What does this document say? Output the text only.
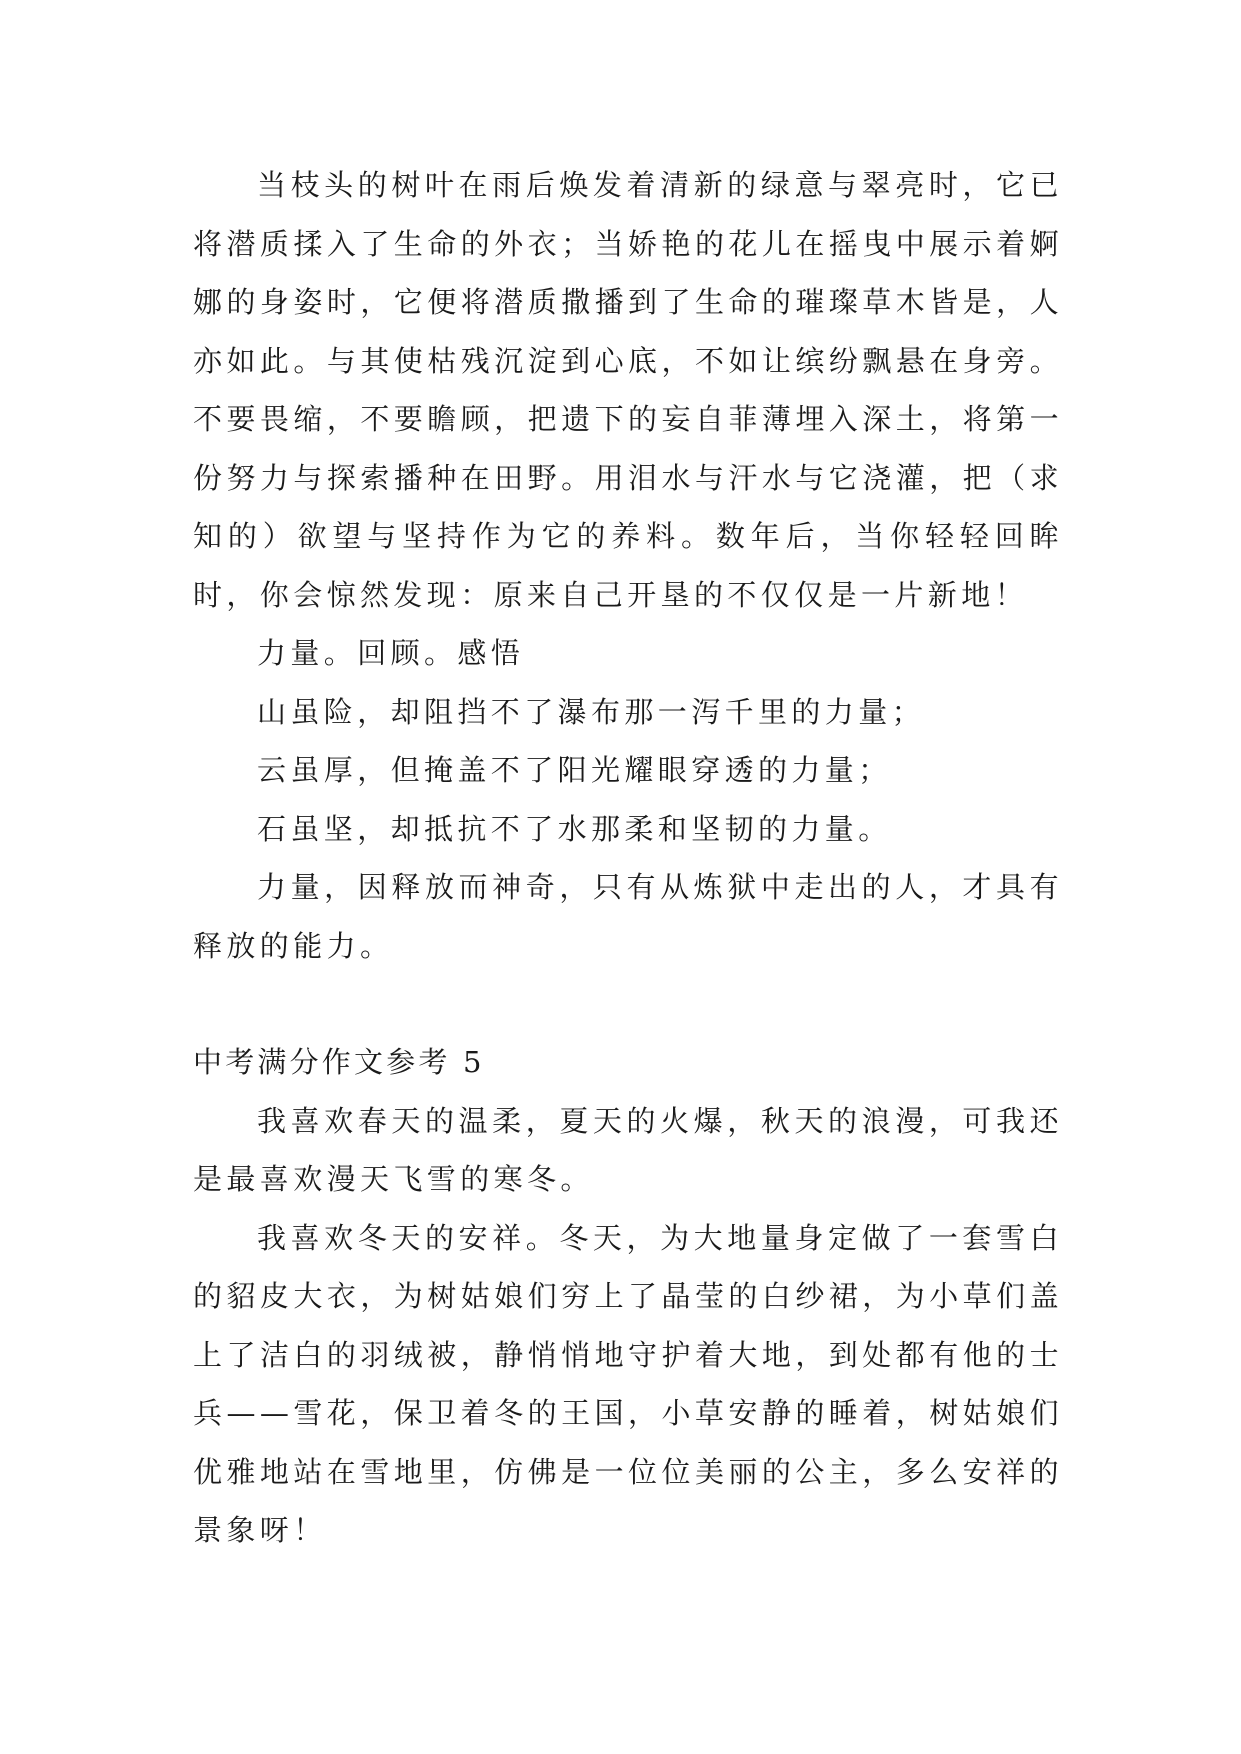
当枝头的树叶在雨后焕发着清新的绿意与翠亮时，它已将潜质揉入了生命的外衣；当娇艳的花儿在摇曳中展示着婀娜的身姿时，它便将潜质撒播到了生命的璀璨草木皆是，人亦如此。与其使枯残沉淀到心底，不如让缤纷飘悬在身旁。不要畏缩，不要瞻顾，把遗下的妄自菲薄埋入深土，将第一份努力与探索播种在田野。用泪水与汗水与它浇灌，把（求知的）欲望与坚持作为它的养料。数年后，当你轻轻回眸时，你会惊然发现：原来自己开垦的不仅仅是一片新地！

力量。回顾。感悟

山虽险，却阻挡不了瀑布那一泻千里的力量；

云虽厚，但掩盖不了阳光耀眼穿透的力量；

石虽坚，却抵抗不了水那柔和坚韧的力量。

力量，因释放而神奇，只有从炼狱中走出的人，才具有释放的能力。

中考满分作文参考 5

我喜欢春天的温柔，夏天的火爆，秋天的浪漫，可我还是最喜欢漫天飞雪的寒冬。

我喜欢冬天的安祥。冬天，为大地量身定做了一套雪白的貂皮大衣，为树姑娘们穷上了晶莹的白纱裙，为小草们盖上了洁白的羽绒被，静悄悄地守护着大地，到处都有他的士兵——雪花，保卫着冬的王国，小草安静的睡着，树姑娘们优雅地站在雪地里，仿佛是一位位美丽的公主，多么安祥的景象呀！
